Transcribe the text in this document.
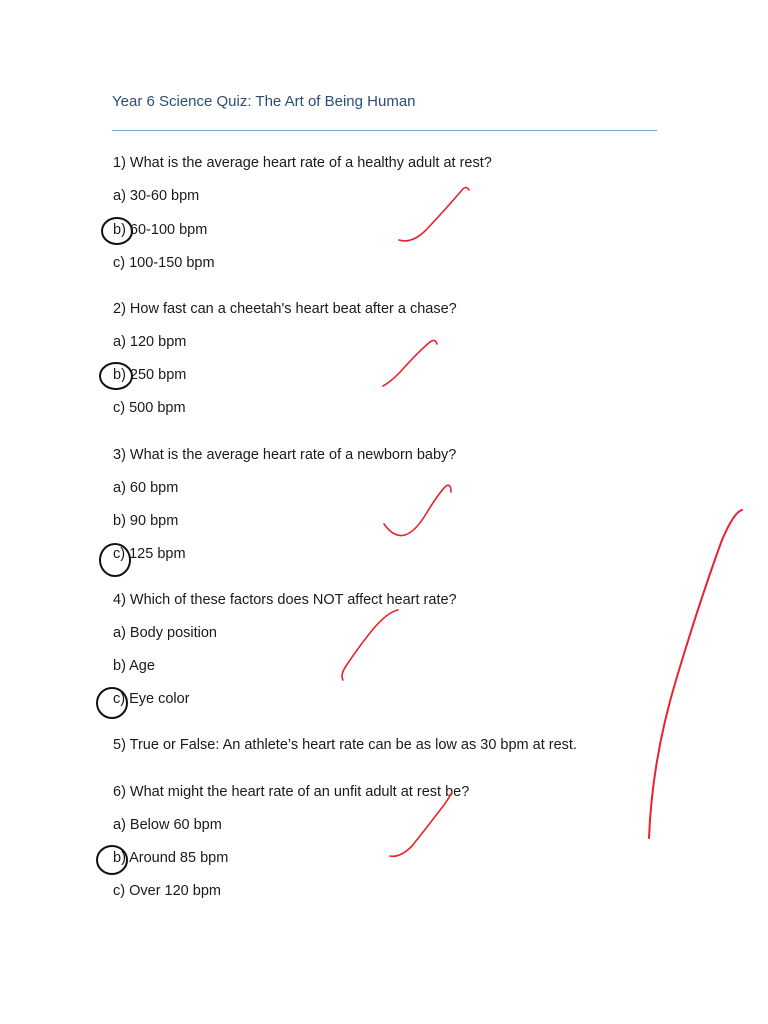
Year 6 Science Quiz: The Art of Being Human
1) What is the average heart rate of a healthy adult at rest?
a) 30-60 bpm
b) 60-100 bpm
c) 100-150 bpm
2) How fast can a cheetah's heart beat after a chase?
a) 120 bpm
b) 250 bpm
c) 500 bpm
3) What is the average heart rate of a newborn baby?
a) 60 bpm
b) 90 bpm
c) 125 bpm
4) Which of these factors does NOT affect heart rate?
a) Body position
b) Age
c) Eye color
5) True or False: An athlete’s heart rate can be as low as 30 bpm at rest.
6) What might the heart rate of an unfit adult at rest be?
a) Below 60 bpm
b) Around 85 bpm
c) Over 120 bpm
